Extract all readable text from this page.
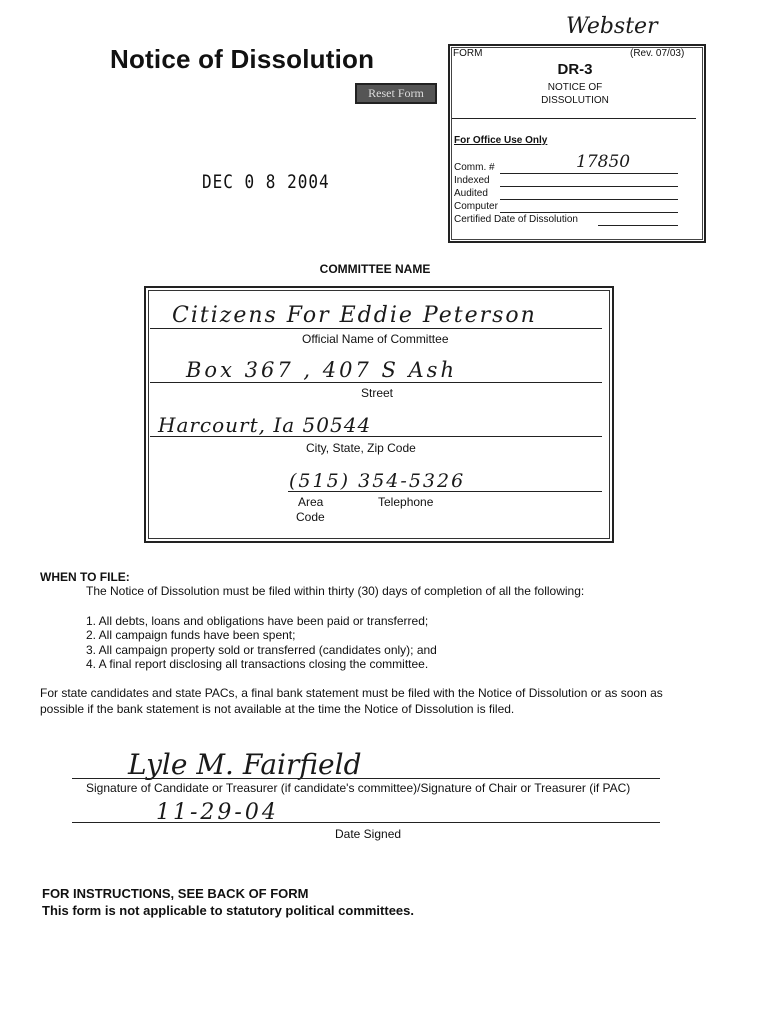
Notice of Dissolution
Reset Form
DEC 0 8 2004
Webster
FORM	(Rev. 07/03)
DR-3
NOTICE OF
DISSOLUTION
For Office Use Only
Comm. #	17850
Indexed
Audited
Computer
Certified Date of Dissolution
COMMITTEE NAME
Citizens For Eddie Peterson
Official Name of Committee
Box 367 , 407 S Ash
Street
Harcourt, Ia 50544
City, State, Zip Code
(515) 354-5326
Area
Code
Telephone
WHEN TO FILE:
The Notice of Dissolution must be filed within thirty (30) days of completion of all the following:
1. All debts, loans and obligations have been paid or transferred;
2. All campaign funds have been spent;
3. All campaign property sold or transferred (candidates only); and
4. A final report disclosing all transactions closing the committee.
For state candidates and state PACs, a final bank statement must be filed with the Notice of Dissolution or as soon as
possible if the bank statement is not available at the time the Notice of Dissolution is filed.
Lyle M. Fairfield
Signature of Candidate or Treasurer (if candidate's committee)/Signature of Chair or Treasurer (if PAC)
11-29-04
Date Signed
FOR INSTRUCTIONS, SEE BACK OF FORM
This form is not applicable to statutory political committees.
